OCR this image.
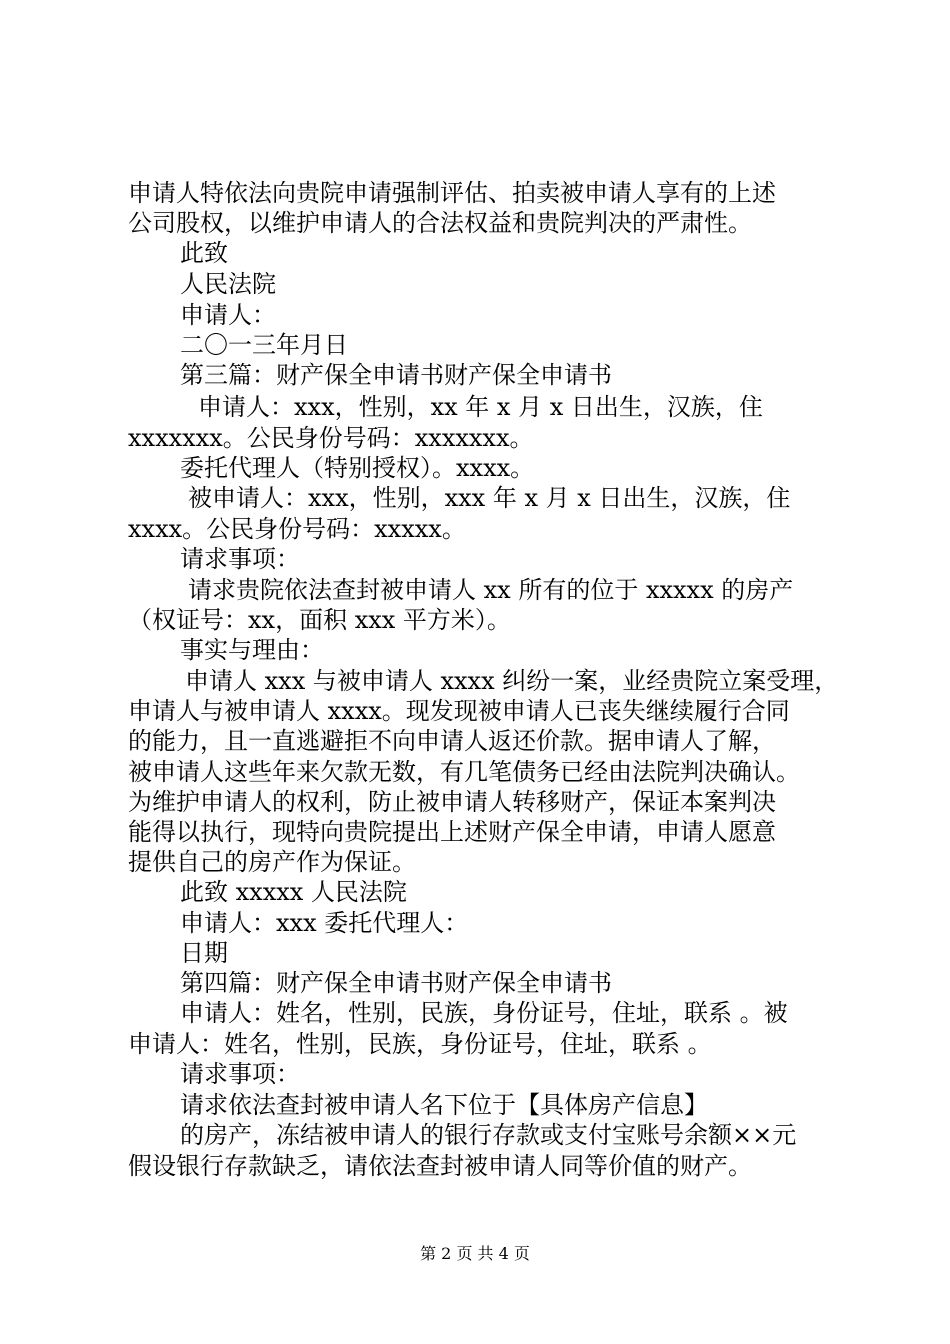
申请人特依法向贵院申请强制评估、拍卖被申请人享有的上述
公司股权，以维护申请人的合法权益和贵院判决的严肃性。
此致
人民法院
申请人：
二〇一三年月日
第三篇：财产保全申请书财产保全申请书
申请人：xxx，性别，xx 年 x 月 x 日出生，汉族，住
xxxxxxx。公民身份号码：xxxxxxx。
委托代理人（特别授权）。xxxx。
被申请人：xxx，性别，xxx 年 x 月 x 日出生，汉族，住
xxxx。公民身份号码：xxxxx。
请求事项：
请求贵院依法查封被申请人 xx 所有的位于 xxxxx 的房产
（权证号：xx，面积 xxx 平方米）。
事实与理由：
申请人 xxx 与被申请人 xxxx 纠纷一案，业经贵院立案受理，
申请人与被申请人 xxxx。现发现被申请人已丧失继续履行合同
的能力，且一直逃避拒不向申请人返还价款。据申请人了解，
被申请人这些年来欠款无数，有几笔债务已经由法院判决确认。
为维护申请人的权利，防止被申请人转移财产，保证本案判决
能得以执行，现特向贵院提出上述财产保全申请，申请人愿意
提供自己的房产作为保证。
此致 xxxxx 人民法院
申请人：xxx 委托代理人：
日期
第四篇：财产保全申请书财产保全申请书
申请人：姓名，性别，民族，身份证号，住址，联系 。被
申请人：姓名，性别，民族，身份证号，住址，联系 。
请求事项：
请求依法查封被申请人名下位于【具体房产信息】
的房产，冻结被申请人的银行存款或支付宝账号余额××元
假设银行存款缺乏，请依法查封被申请人同等价值的财产。
第 2 页 共 4 页
